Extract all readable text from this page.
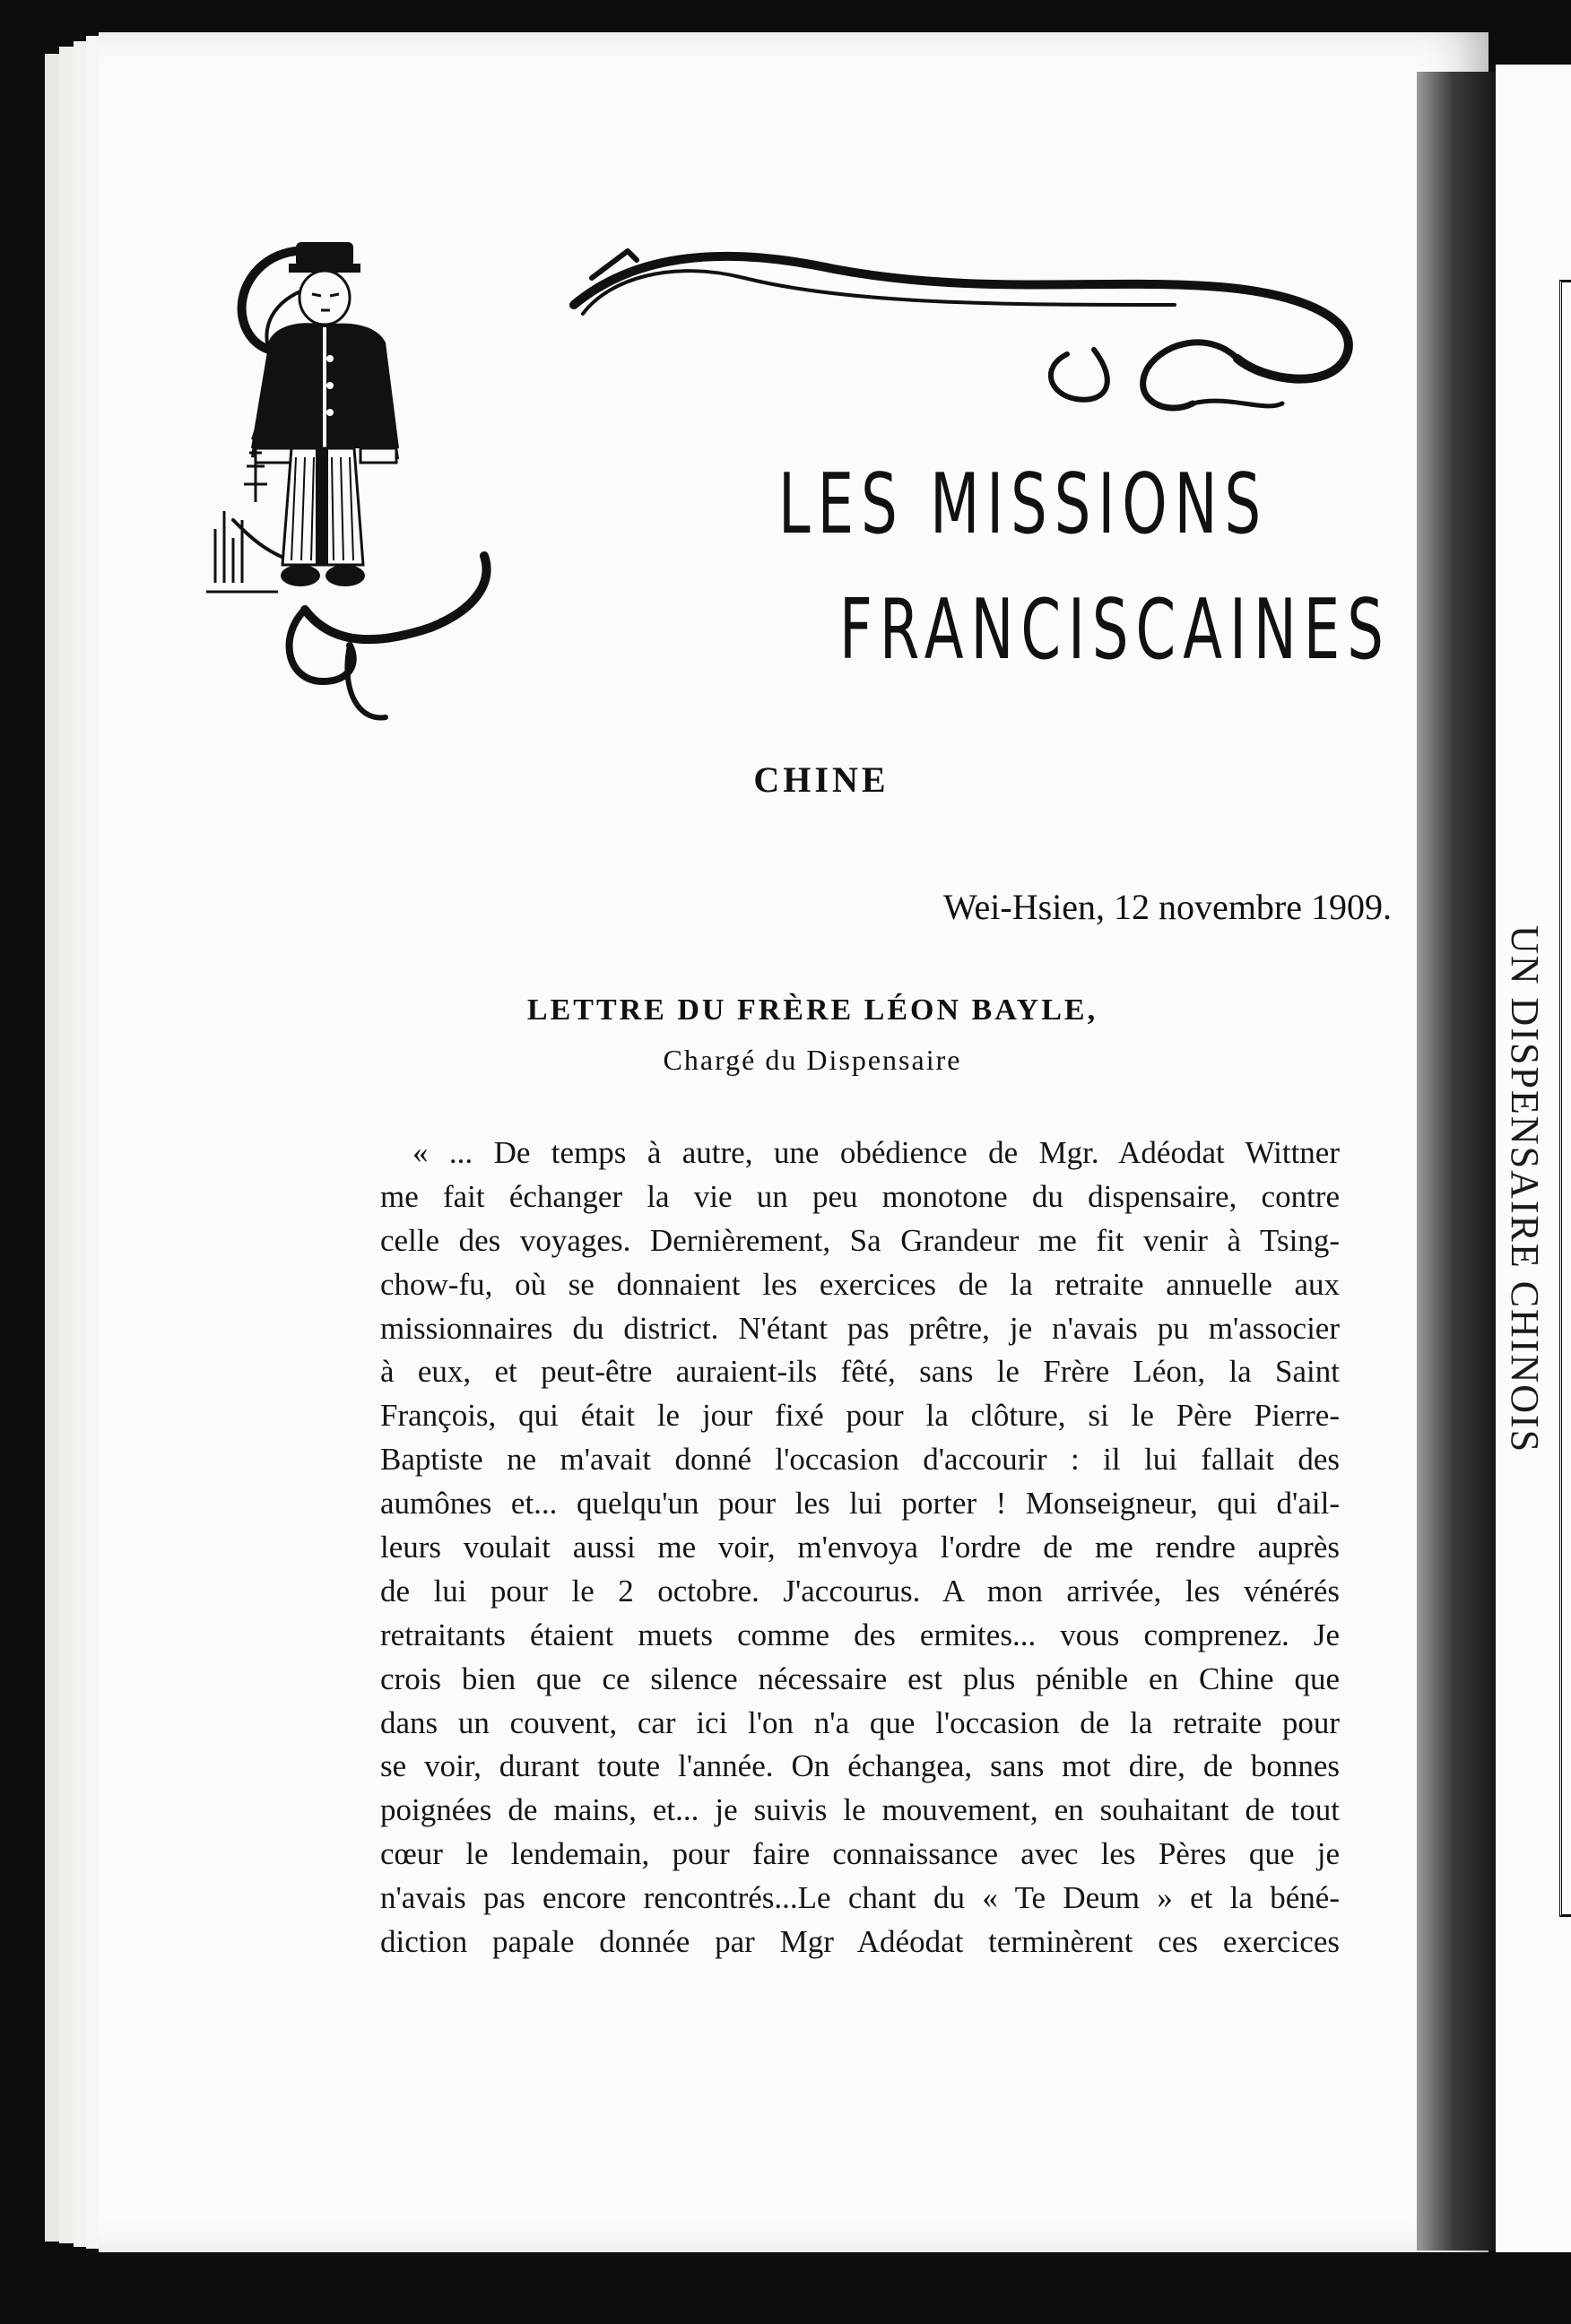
UN DISPENSAIRE CHINOIS
LES MISSIONS
FRANCISCAINES
CHINE
Wei-Hsien, 12 novembre 1909.
LETTRE DU FRÈRE LÉON BAYLE,
Chargé du Dispensaire
« ... De temps à autre, une obédience de Mgr. Adéodat Wittner
me fait échanger la vie un peu monotone du dispensaire, contre
celle des voyages. Dernièrement, Sa Grandeur me fit venir à Tsing-
chow-fu, où se donnaient les exercices de la retraite annuelle aux
missionnaires du district. N'étant pas prêtre, je n'avais pu m'associer
à eux, et peut-être auraient-ils fêté, sans le Frère Léon, la Saint
François, qui était le jour fixé pour la clôture, si le Père Pierre-
Baptiste ne m'avait donné l'occasion d'accourir : il lui fallait des
aumônes et... quelqu'un pour les lui porter ! Monseigneur, qui d'ail-
leurs voulait aussi me voir, m'envoya l'ordre de me rendre auprès
de lui pour le 2 octobre. J'accourus. A mon arrivée, les vénérés
retraitants étaient muets comme des ermites... vous comprenez. Je
crois bien que ce silence nécessaire est plus pénible en Chine que
dans un couvent, car ici l'on n'a que l'occasion de la retraite pour
se voir, durant toute l'année. On échangea, sans mot dire, de bonnes
poignées de mains, et... je suivis le mouvement, en souhaitant de tout
cœur le lendemain, pour faire connaissance avec les Pères que je
n'avais pas encore rencontrés...Le chant du « Te Deum » et la béné-
diction papale donnée par Mgr Adéodat terminèrent ces exercices
